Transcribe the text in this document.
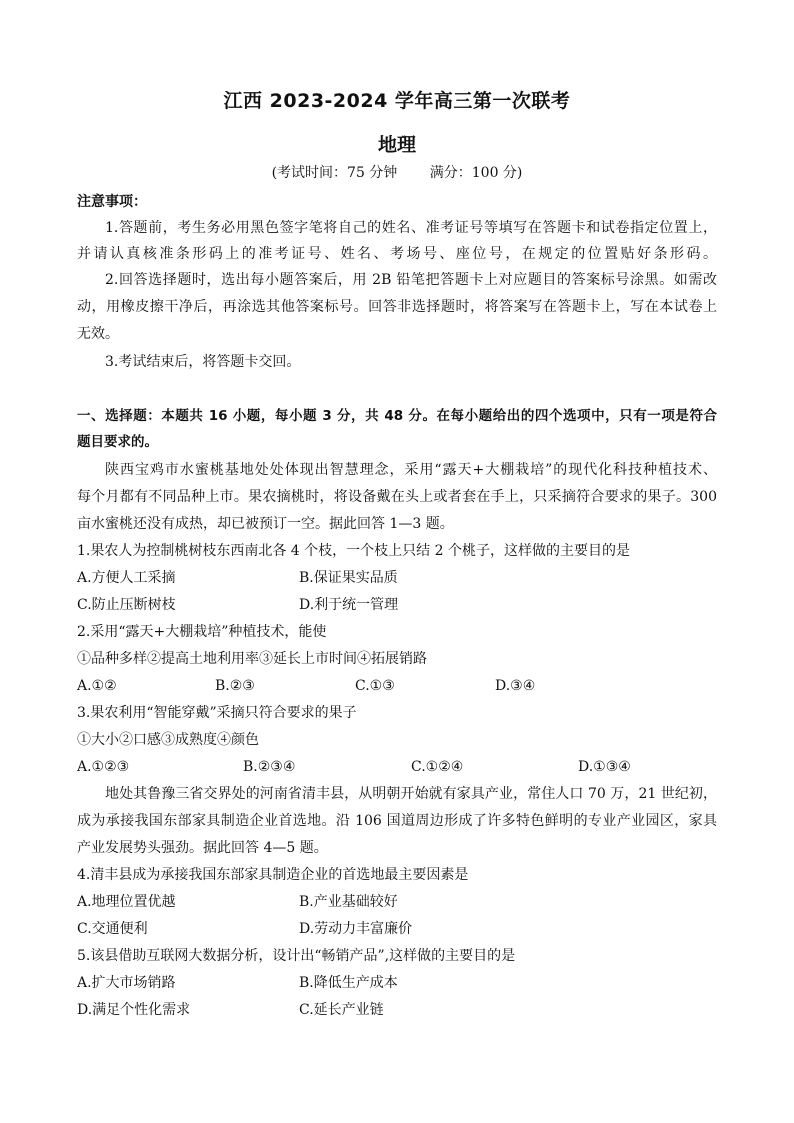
江西 2023-2024 学年高三第一次联考
地理
(考试时间：75 分钟 满分：100 分)
注意事项：
1.答题前，考生务必用黑色签字笔将自己的姓名、准考证号等填写在答题卡和试卷指定位置上，
并请认真核准条形码上的准考证号、姓名、考场号、座位号，在规定的位置贴好条形码。
2.回答选择题时，选出每小题答案后，用 2B 铅笔把答题卡上对应题目的答案标号涂黑。如需改
动，用橡皮擦干净后，再涂选其他答案标号。回答非选择题时，将答案写在答题卡上，写在本试卷上
无效。
3.考试结束后，将答题卡交回。
一、选择题：本题共 16 小题，每小题 3 分，共 48 分。在每小题给出的四个选项中，只有一项是符合
题目要求的。
陕西宝鸡市水蜜桃基地处处体现出智慧理念，采用“露天+大棚栽培”的现代化科技种植技术、
每个月都有不同品种上市。果农摘桃时，将设备戴在头上或者套在手上，只采摘符合要求的果子。300
亩水蜜桃还没有成热，却已被预订一空。据此回答 1—3 题。
1.果农人为控制桃树枝东西南北各 4 个枝，一个枝上只结 2 个桃子，这样做的主要目的是
A.方便人工采摘	B.保证果实品质
C.防止压断树枝	D.利于统一管理
2.采用“露天+大棚栽培”种植技术，能使
①品种多样②提高土地利用率③延长上市时间④拓展销路
A.①②	B.②③	C.①③	D.③④
3.果农利用“智能穿戴”采摘只符合要求的果子
①大小②口感③成熟度④颜色
A.①②③	B.②③④	C.①②④	D.①③④
地处其鲁豫三省交界处的河南省清丰县，从明朝开始就有家具产业，常住人口 70 万，21 世纪初，
成为承接我国东部家具制造企业首选地。沿 106 国道周边形成了许多特色鲜明的专业产业园区，家具
产业发展势头强劲。据此回答 4—5 题。
4.清丰县成为承接我国东部家具制造企业的首选地最主要因素是
A.地理位置优越	B.产业基础较好
C.交通便利	D.劳动力丰富廉价
5.该县借助互联网大数据分析，设计出“畅销产品”,这样做的主要目的是
A.扩大市场销路	B.降低生产成本
D.满足个性化需求	C.延长产业链
